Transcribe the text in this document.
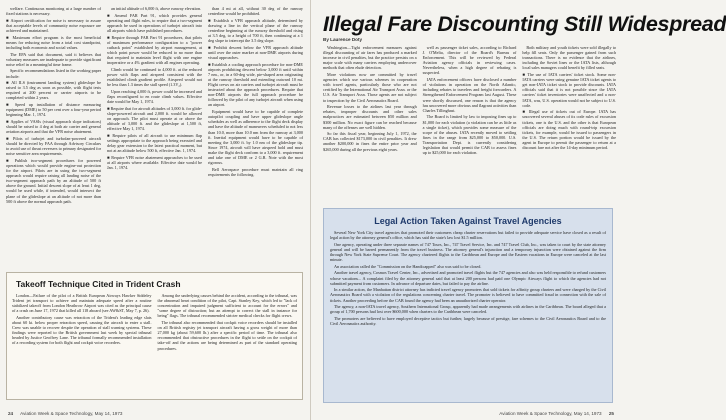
welfare. Continuous monitoring at a large number of fixed stations is necessary.

■ Airport certification for noise is necessary to assure that acceptable levels of community noise exposure are achieved and maintained.

■ Maximum effort program is the most beneficial means for reducing noise from a total cost standpoint, including both economic and social values.

The EPA said that document, said it believes that voluntary measures are inadequate to provide significant noise relief in a meaningful time frame.

Specific recommendations listed in the working paper include:

■ All ILS (instrument landing system) glideslope be raised to 3.5 deg as soon as possible, with flight tests required at 200 percent or carrier airports to be completed within 2 years.

■ Speed up installation of distance measuring equipment (DME) to 50 per cent over a four-year period beginning Mar. 1, 1974.

■ Applies of VASIs (visual approach slope indicators) should be raised to 4 deg at both air carrier and general aviation airports and that the VFR noise abatement.

■ Pilots of turbojet and turbofan-powered aircraft should be directed by FAA through Advisory Circulars to avoid use of thrust reversers to primary designated for noise sensitive area requirements.

■ Publish two-segment procedures for powered operations which would provide engine-out protection for the airport. Pilots are in using the two-segment approach would require raising all landing noise of the two-segment approach path by an altitude of 500 ft above the ground. Initial descent slope of at least 1 deg, would be used while, if intended, would intersect the plane of the glideslope at an altitude of not more than 500 ft above the normal approach path.

an initial altitude of 6,000 ft, above runway elevation.

■ Amend FAR Part 91, which provides general operating and flight rules, to require that a two-segment approach be used in operations of turbojet aircraft into all airports which have published procedures.

■ Require through FAR Part 91 procedures, that pilots of maximum performance configuration to a "power cutback point" established by airport management, at which point power would be reduced to no more than that required to maintain level flight with one engine inoperative or a 4% gradient with all engines operating.

Climb would be continued to 4,000 ft. at the reduced power with flaps and airspeed consistent with the established climb gradient profile. Airspeed would not be less than 1.3 times the stall speed (1.3V₂).

Upon reaching 4,000 ft, power could be increased and flaps reconfigured to en route climb values. Effective date would be May 1, 1974.

■ Require that for aircraft altitudes of 3,000 ft. for glide-slope-powered aircraft and 2,000 ft. would be allowed on approach. The pilot must operate at or above the altitude of 3,000 ft. and the glideslope at 1,500 ft, effective May 1, 1974.

■ Require pilots of all aircraft to use minimum flap settings appropriate to the approach being executed and delay gear extension to the latest practical moment, but not at an altitude below 500 ft, effective Jan. 1, 1974.

■ Require VFR noise abatement approaches to be used at all airports where available. Effective date would be Jan. 1, 1974.

than 4 mi at all, without 30 deg of the runway centerline would be prohibited.

■ Establish a VFR approach altitude, determined by drawing a line in the vertical plane of the runway centerline beginning at the runway threshold and rising at 3.5 deg, to a height of 700 ft, then continuing at a 1 deg slope to intercept the 3.5 deg slope.

■ Prohibit descent below the VFR approach altitude until over the outer marker at non-DME airports during visual approaches.

■ Establish a cooling approach procedure for non-DME airports prohibiting descent below 3,000 ft until within 7 nm., or, in a 60-deg wide, pie-shaped area originating at the runway threshold and extending outward 10 mi. Flight crews on air carriers and turbojet aircraft must be instructed about the approach procedures. Require that non-DME airports the full approach procedure be followed by the pilot of any turbojet aircraft when using an airport.

Equipment would have to be capable of complete autopilot coupling and have upper glideslope angle schedules as well as adherence to the flight deck display and have the altitude of maneuvers scheduled to not less than 10.0, more than 10.0 nm from the runway at 3,000 ft. Inertial equipment would have to be capable of meeting the 3,000 ft. by 1.0 nm of the glideslope tip. Since 1974, aircraft will have airspeed hold and must make the flight deck conform to a 3,000 ft. requirement and take one of DME or 2 G.R. Note with the most rigorous.

Bell Aerospace procedure must maintain all ring requirements the following.

Takeoff Technique Cited in Trident Crash

London—Failure of the pilot of a British European Airways Hawker Siddeley Trident jet transport to achieve and maintain adequate speed after a routine stabilized takeoff from London Heathrow Airport was cited as the principal cause of a crash on June 17, 1972 that killed all 118 aboard (see AW&ST, May 7, p. 26).

Another contributory cause was retraction of the Trident's leading edge slats about 60 kt. below proper retraction speed, causing the aircraft to enter a stall. Crew was unable to recover despite the operation of stall warning systems. These findings were reported to the British government last week by special tribunal headed by Justice Geoffrey Lane. The tribunal formally recommended installation of a recording system for both flight and cockpit voice recorders.

Among the underlying causes behind the accident, according to the tribunal, was the abnormal heart condition of the pilot, Capt. Stanley Key, which led to "lack of concentration and impaired judgment sufficient to account for the errors" and "some degree of distraction; but an attempt to correct the stall in instance for being" flags. The tribunal recommended stricter medical checks for flight crews.

The tribunal also recommended that cockpit voice recorders should be installed on all British registry jet transport aircraft having a gross weight of more than 27,000 kg (about 59,600 lb.) after a specific period of time. The tribunal also recommended that obstructive procedures in the flight to settle on the cockpit of take-off and the actions are being determined as part of the standard operating procedures.

24 Aviation Week & Space Technology, May 14, 1973
Illegal Fare Discounting Still Widespread
By Laurence Doty

Washington—Tight enforcement measures against illegal discounting of air fares has produced a marked increase in civil penalties, but the practice persists on a major scale with many carriers employing undercover methods that often elude detection.

More violations now are committed by travel agencies which use various schemes in cooperation with travel agents, particularly those who are not certified by the International Air Transport Assn. or the U.S. Air Transport Assn. Those agents are not subject to inspection by the Civil Aeronautics Board.

Revenue losses to the airlines last year through rebates, improper discounts and other sales malpractices are estimated between $50 million and $300 million. No exact figure can be reached because many of the offenses are well hidden.

So far this fiscal year, beginning July 1, 1972, the CAB has collected $173,000 in civil penalties. It drew another $200,000 in fines the entire prior year and $265,000 during all the previous eight years.

well as passenger ticket sales, according to Richard J. O'Melia, director of the Board's Bureau of Enforcement. This will be reviewed by Federal Aviation agency officials in reviewing cases. Nevertheless, when a high degree of rebating is suspected.

IATA enforcement officers have disclosed a number of violations in operation on the North Atlantic, including rebates to travelers and freight forwarders. A Strengthened Enforcement Program last August. These were shortly discussed, one reason is that the agency has uncovered more obvious and flagrant activities than Charles Tillinghast.

The Board is limited by law to imposing fines up to $1,000 for each violation (a violation can be as little as a single ticket), which provides some measure of the scope of the abuses. IATA recently moved to settling fines in the range from $25,000 to $50,000. U.S. Transportation Dept. is currently considering legislation that would permit the CAB to assess fines up to $25,000 for each violation.

Both military and youth tickets were sold illegally to help fill seats. Only the passenger gained from such transactions. There is no evidence that the airlines, including the Soviet lines or the IATA lists, although local sales managers could benefit by filled seats.

■ The use of IATA carriers' ticket stock. Some non-IATA carriers were using genuine IATA ticket agents to get non-IATA ticket stock to provide discounts. IATA officials said that it is not possible since the IATA carriers' ticket inventories were unaffected and a non-IATA, was, U.S. operation would not be subject to U.S. code.

■ Illegal use of tickets out of Europe. IATA has uncovered several abuses of its code rules of excursion tickets, one is the U.S. and the other is that European officials are doing much with round-trip excursion tickets, for example, would be issued to passengers in the U.S. The return portion would be issued by the agent in Europe to permit the passenger to return at a discount fare not after the 14-day minimum period.

Legal Action Taken Against Travel Agencies

Several New York City travel agencies that promoted their customers cheap charter reservations but failed to provide adequate service have closed as a result of legal action by the attorney general's office, which has said the state's law lost $1.5 million.

One agency, operating under three separate names of 747 Tours, Inc., 747 Travel Service, Inc. and 747 Travel Club, Inc., was taken to court by the state attorney general and will be barred permanently from the travel business. The attorney general's injunction and a temporary injunction were obtained against the firm through New York State Supreme Court. The agency chartered flights to the Caribbean and Europe and the Eastern vacations in Europe were canceled at the last minute.

An association called the "Commission on the Handicapped" also was said to be closed.

Another travel agency, Cosmos Travel Center, Inc., advertised and promoted travel flights but the 747 agencies and also was held responsible to refund customers whose vacations... A complaint filed by the attorney general said that at least 200 persons had paid one Olympic Airways flight to which the agencies had not submitted payment from customers. In advance of departure dates, but failed to pay the airline.

In a similar action, the Manhattan district attorney has indicted travel agency promoters that sold tickets for affinity group charters and were charged by the Civil Aeronautics Board with a violation of the regulations concerning charter travel. The promoter is believed to have committed fraud in connection with the sale of tickets. Another proceeding before the CAB found the agency had been an unauthorized charter operator.

The agency, a non-IATA travel agency, Southern International Group, apparently had made arrangements with airlines in the Caribbean. The board alleged that a group of 1,700 persons had lost over $600,000 when charters to the Caribbean were canceled.

The promoters are believed to have employed deceptive tactics but further, largely because of prestige, fare schemes to the Civil Aeronautics Board and to the Civil Aeronautics authority.

Aviation Week & Space Technology, May 14, 1973 25
